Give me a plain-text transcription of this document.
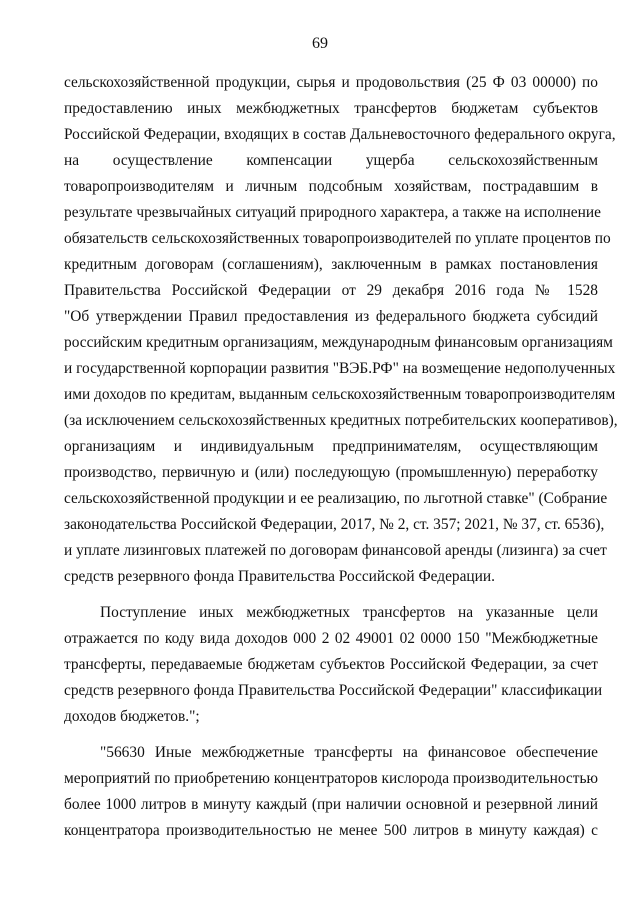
69
сельскохозяйственной продукции, сырья и продовольствия (25 Ф 03 00000) по
предоставлению иных межбюджетных трансфертов бюджетам субъектов
Российской Федерации, входящих в состав Дальневосточного федерального округа,
на осуществление компенсации ущерба сельскохозяйственным
товаропроизводителям и личным подсобным хозяйствам, пострадавшим в
результате чрезвычайных ситуаций природного характера, а также на исполнение
обязательств сельскохозяйственных товаропроизводителей по уплате процентов по
кредитным договорам (соглашениям), заключенным в рамках постановления
Правительства Российской Федерации от 29 декабря 2016 года № 1528
"Об утверждении Правил предоставления из федерального бюджета субсидий
российским кредитным организациям, международным финансовым организациям
и государственной корпорации развития "ВЭБ.РФ" на возмещение недополученных
ими доходов по кредитам, выданным сельскохозяйственным товаропроизводителям
(за исключением сельскохозяйственных кредитных потребительских кооперативов),
организациям и индивидуальным предпринимателям, осуществляющим
производство, первичную и (или) последующую (промышленную) переработку
сельскохозяйственной продукции и ее реализацию, по льготной ставке" (Собрание
законодательства Российской Федерации, 2017, № 2, ст. 357; 2021, № 37, ст. 6536),
и уплате лизинговых платежей по договорам финансовой аренды (лизинга) за счет
средств резервного фонда Правительства Российской Федерации.
Поступление иных межбюджетных трансфертов на указанные цели
отражается по коду вида доходов 000 2 02 49001 02 0000 150 "Межбюджетные
трансферты, передаваемые бюджетам субъектов Российской Федерации, за счет
средств резервного фонда Правительства Российской Федерации" классификации
доходов бюджетов.";
"56630 Иные межбюджетные трансферты на финансовое обеспечение
мероприятий по приобретению концентраторов кислорода производительностью
более 1000 литров в минуту каждый (при наличии основной и резервной линий
концентратора производительностью не менее 500 литров в минуту каждая) с
